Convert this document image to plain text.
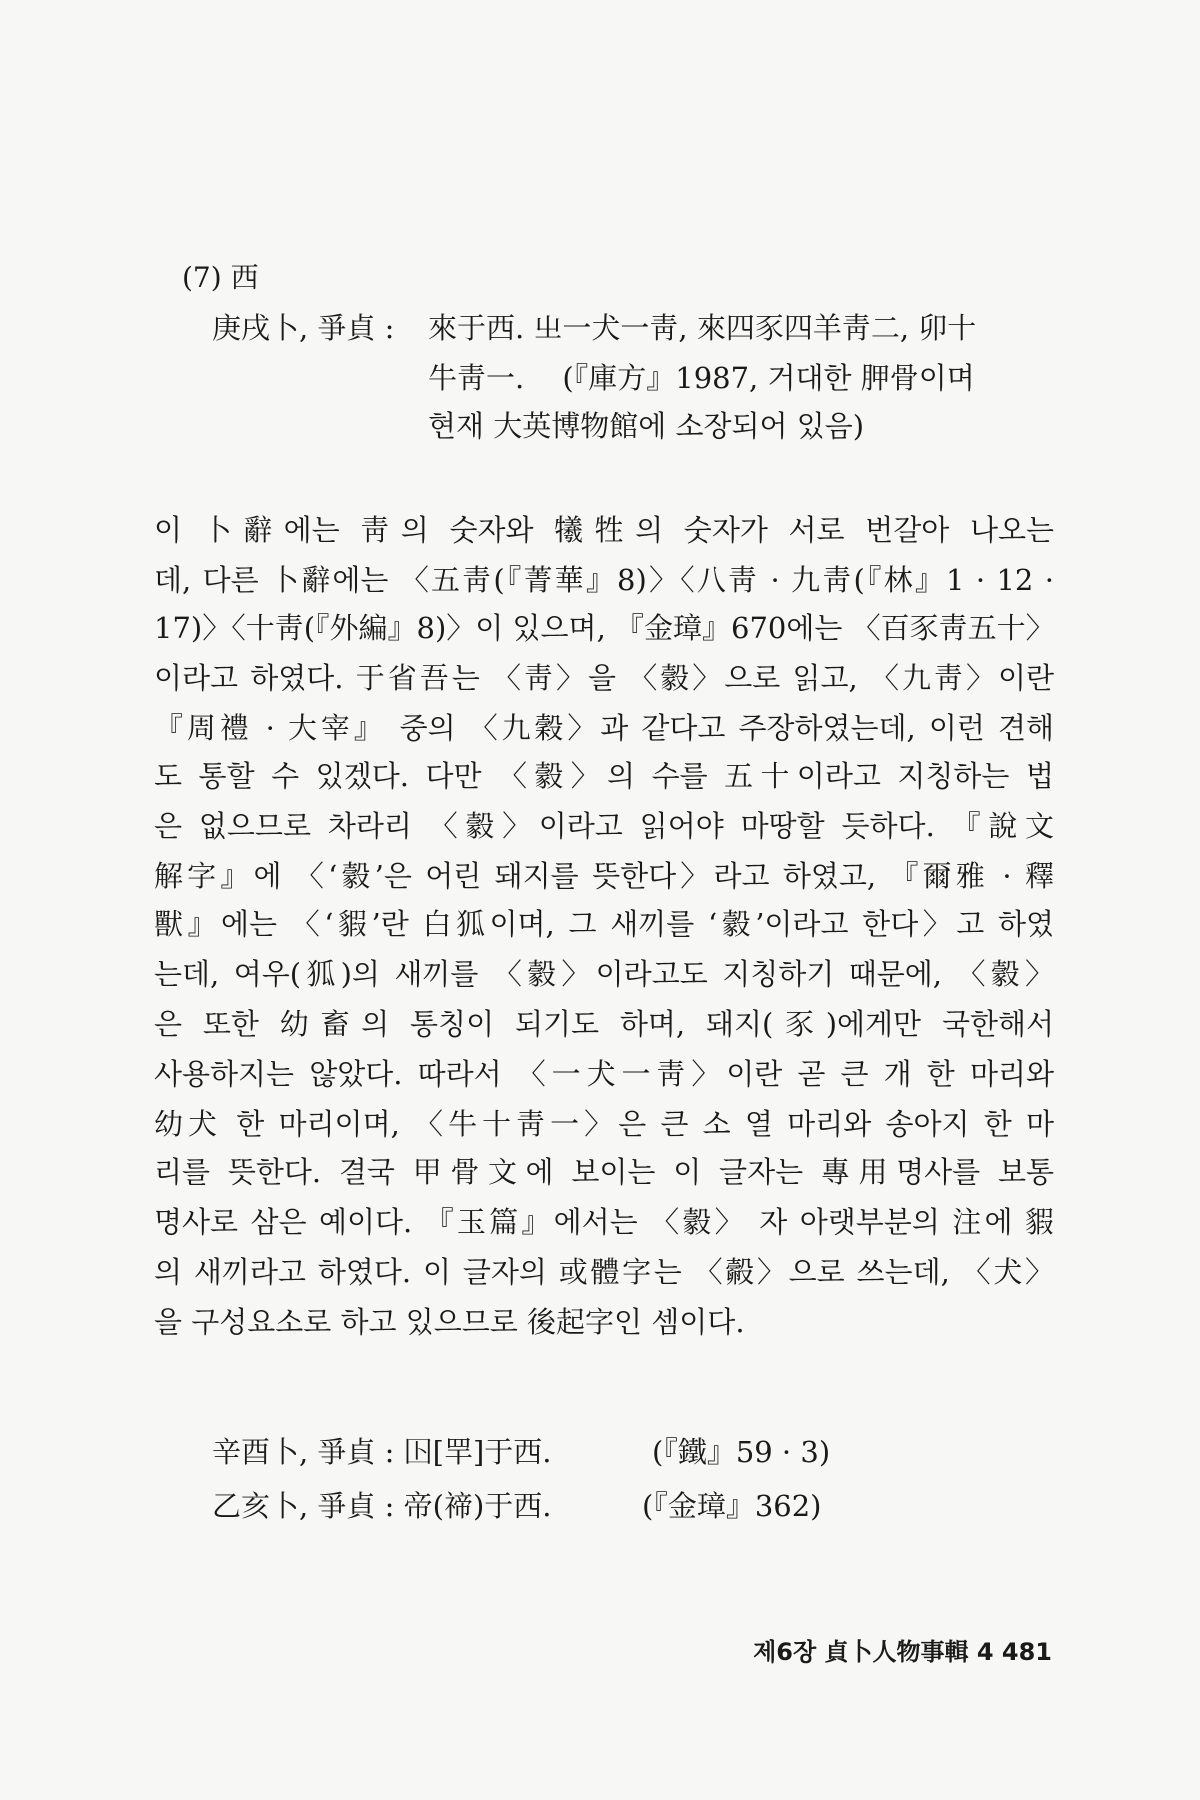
(7) 西
庚戌卜, 爭貞 : 來于西. 㞢一犬一靑, 來四豕四羊靑二, 卯十
牛靑一.　 (『庫方』1987, 거대한 胛骨이며
현재 大英博物館에 소장되어 있음)
이 卜辭에는 靑의 숫자와 犧牲의 숫자가 서로 번갈아 나오는
데, 다른 卜辭에는 〈五靑(『菁華』8)〉〈八靑 · 九靑(『林』1 · 12 ·
17)〉〈十靑(『外編』8)〉이 있으며, 『金璋』670에는 〈百豕靑五十〉
이라고 하였다. 于省吾는 〈靑〉을 〈豰〉으로 읽고, 〈九靑〉이란
『周禮 · 大宰』 중의 〈九穀〉과 같다고 주장하였는데, 이런 견해
도 통할 수 있겠다. 다만 〈豰〉의 수를 五十이라고 지칭하는 법
은 없으므로 차라리 〈豰〉이라고 읽어야 마땅할 듯하다. 『說文
解字』에 〈‘豰’은 어린 돼지를 뜻한다〉라고 하였고, 『爾雅 · 釋
獸』에는 〈‘貑’란 白狐이며, 그 새끼를 ‘豰’이라고 한다〉고 하였
는데, 여우(狐)의 새끼를 〈豰〉이라고도 지칭하기 때문에, 〈豰〉
은 또한 幼畜의 통칭이 되기도 하며, 돼지(豕)에게만 국한해서
사용하지는 않았다. 따라서 〈一犬一靑〉이란 곧 큰 개 한 마리와
幼犬 한 마리이며, 〈牛十靑一〉은 큰 소 열 마리와 송아지 한 마
리를 뜻한다. 결국 甲骨文에 보이는 이 글자는 專用명사를 보통
명사로 삼은 예이다. 『玉篇』에서는 〈豰〉 자 아랫부분의 注에 貑
의 새끼라고 하였다. 이 글자의 或體字는 〈㲉〉으로 쓰는데, 〈犬〉
을 구성요소로 하고 있으므로 後起字인 셈이다.
辛酉卜, 爭貞 : 𡆥[䍐]于西.	(『鐵』59 · 3)
乙亥卜, 爭貞 : 帝(禘)于西.	(『金璋』362)
제6장 貞卜人物事輯 4 481
